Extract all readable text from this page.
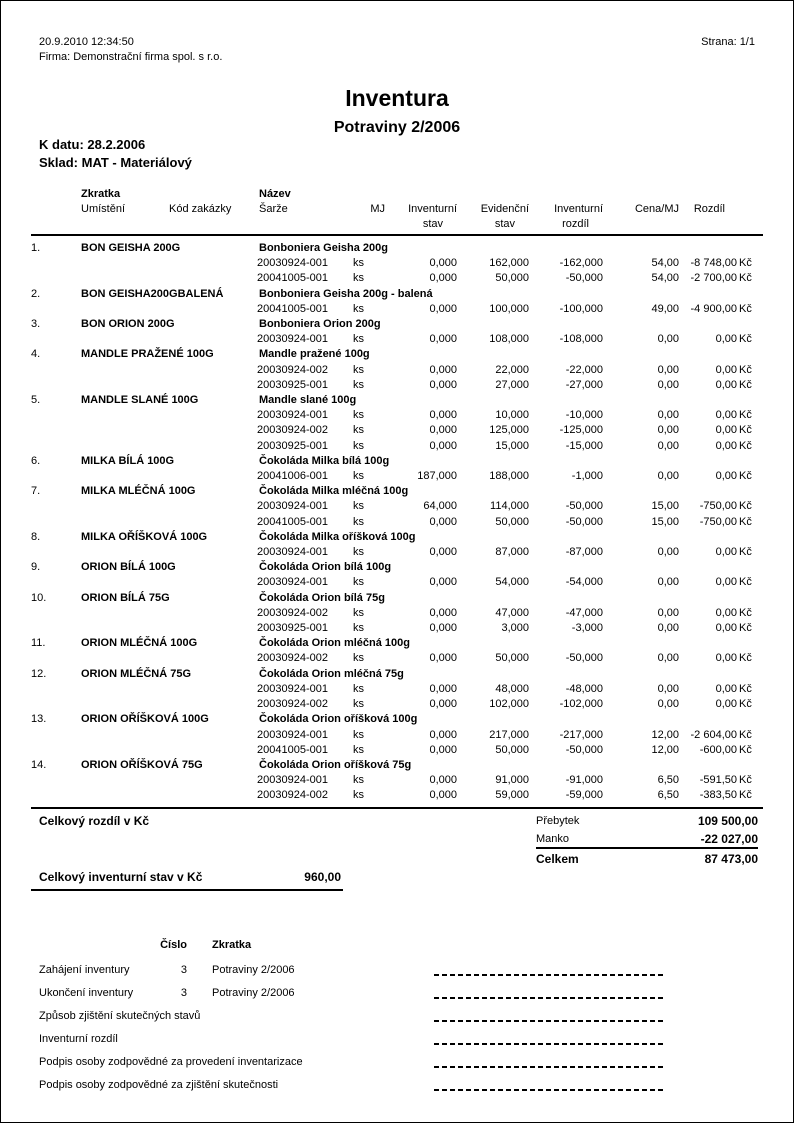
20.9.2010 12:34:50
Firma: Demonstrační firma spol. s r.o.
Strana: 1/1
Inventura
Potraviny 2/2006
K datu: 28.2.2006
Sklad: MAT - Materiálový
	Zkratka		Název							
	Umístění	Kód zakázky	Šarže	MJ	Inventurní	Evidenční	Inventurní	Cena/MJ	Rozdíl	
					stav	stav	rozdíl			
1.	BON GEISHA 200G		Bonboniera Geisha 200g							
			20030924-001	ks	0,000	162,000	-162,000	54,00	-8 748,00	Kč
			20041005-001	ks	0,000	50,000	-50,000	54,00	-2 700,00	Kč
2.	BON GEISHA200GBALENÁ		Bonboniera Geisha 200g - balená							
			20041005-001	ks	0,000	100,000	-100,000	49,00	-4 900,00	Kč
3.	BON ORION 200G		Bonboniera Orion 200g							
			20030924-001	ks	0,000	108,000	-108,000	0,00	0,00	Kč
4.	MANDLE PRAŽENÉ 100G		Mandle pražené 100g							
			20030924-002	ks	0,000	22,000	-22,000	0,00	0,00	Kč
			20030925-001	ks	0,000	27,000	-27,000	0,00	0,00	Kč
5.	MANDLE SLANÉ 100G		Mandle slané 100g							
			20030924-001	ks	0,000	10,000	-10,000	0,00	0,00	Kč
			20030924-002	ks	0,000	125,000	-125,000	0,00	0,00	Kč
			20030925-001	ks	0,000	15,000	-15,000	0,00	0,00	Kč
6.	MILKA BÍLÁ 100G		Čokoláda Milka bílá 100g							
			20041006-001	ks	187,000	188,000	-1,000	0,00	0,00	Kč
7.	MILKA MLÉČNÁ 100G		Čokoláda Milka mléčná 100g							
			20030924-001	ks	64,000	114,000	-50,000	15,00	-750,00	Kč
			20041005-001	ks	0,000	50,000	-50,000	15,00	-750,00	Kč
8.	MILKA OŘÍŠKOVÁ 100G		Čokoláda Milka oříšková 100g							
			20030924-001	ks	0,000	87,000	-87,000	0,00	0,00	Kč
9.	ORION BÍLÁ 100G		Čokoláda Orion bílá 100g							
			20030924-001	ks	0,000	54,000	-54,000	0,00	0,00	Kč
10.	ORION BÍLÁ 75G		Čokoláda Orion bílá 75g							
			20030924-002	ks	0,000	47,000	-47,000	0,00	0,00	Kč
			20030925-001	ks	0,000	3,000	-3,000	0,00	0,00	Kč
11.	ORION MLÉČNÁ 100G		Čokoláda Orion mléčná 100g							
			20030924-002	ks	0,000	50,000	-50,000	0,00	0,00	Kč
12.	ORION MLÉČNÁ 75G		Čokoláda Orion mléčná 75g							
			20030924-001	ks	0,000	48,000	-48,000	0,00	0,00	Kč
			20030924-002	ks	0,000	102,000	-102,000	0,00	0,00	Kč
13.	ORION OŘÍŠKOVÁ 100G		Čokoláda Orion oříšková 100g							
			20030924-001	ks	0,000	217,000	-217,000	12,00	-2 604,00	Kč
			20041005-001	ks	0,000	50,000	-50,000	12,00	-600,00	Kč
14.	ORION OŘÍŠKOVÁ 75G		Čokoláda Orion oříšková 75g							
			20030924-001	ks	0,000	91,000	-91,000	6,50	-591,50	Kč
			20030924-002	ks	0,000	59,000	-59,000	6,50	-383,50	Kč
Celkový rozdíl v Kč	Přebytek	109 500,00
Manko	-22 027,00
Celkem	87 473,00
Celkový inventurní stav v Kč	960,00
Číslo Zkratka
Zahájení inventury	3 Potraviny 2/2006
Ukončení inventury	3 Potraviny 2/2006
Způsob zjištění skutečných stavů
Inventurní rozdíl
Podpis osoby zodpovědné za provedení inventarizace
Podpis osoby zodpovědné za zjištění skutečnosti
